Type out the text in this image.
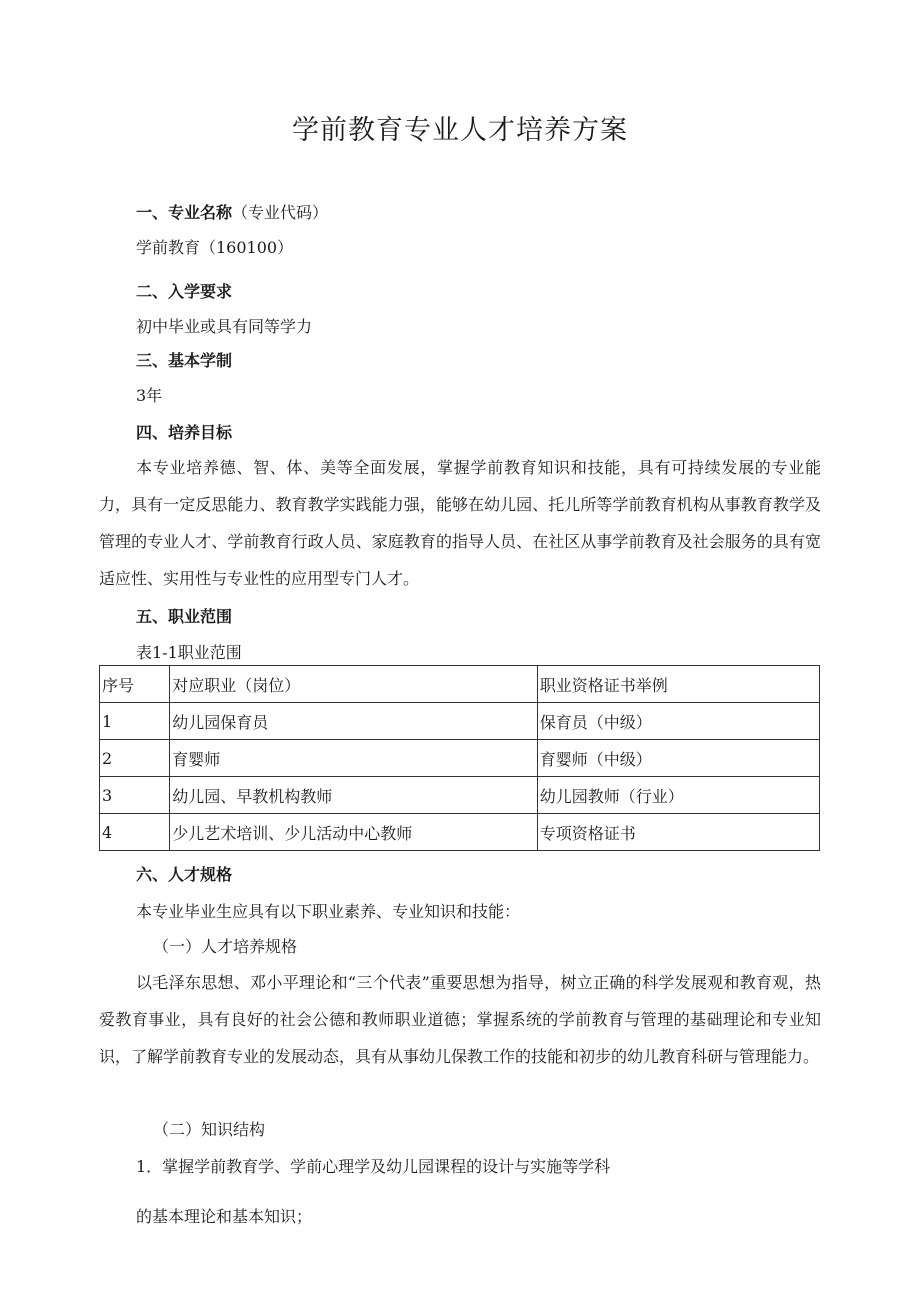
学前教育专业人才培养方案

一、专业名称（专业代码）

学前教育（160100）

二、入学要求

初中毕业或具有同等学力

三、基本学制

3年

四、培养目标

本专业培养德、智、体、美等全面发展，掌握学前教育知识和技能，具有可持续发展的专业能力，具有一定反思能力、教育教学实践能力强，能够在幼儿园、托儿所等学前教育机构从事教育教学及管理的专业人才、学前教育行政人员、家庭教育的指导人员、在社区从事学前教育及社会服务的具有宽适应性、实用性与专业性的应用型专门人才。

五、职业范围

表1-1职业范围

序号	对应职业（岗位）	职业资格证书举例
1	幼儿园保育员	保育员（中级）
2	育婴师	育婴师（中级）
3	幼儿园、早教机构教师	幼儿园教师（行业）
4	少儿艺术培训、少儿活动中心教师	专项资格证书

六、人才规格

本专业毕业生应具有以下职业素养、专业知识和技能：

（一）人才培养规格

以毛泽东思想、邓小平理论和“三个代表”重要思想为指导，树立正确的科学发展观和教育观，热爱教育事业，具有良好的社会公德和教师职业道德；掌握系统的学前教育与管理的基础理论和专业知识，了解学前教育专业的发展动态，具有从事幼儿保教工作的技能和初步的幼儿教育科研与管理能力。

（二）知识结构

1．掌握学前教育学、学前心理学及幼儿园课程的设计与实施等学科

的基本理论和基本知识；
